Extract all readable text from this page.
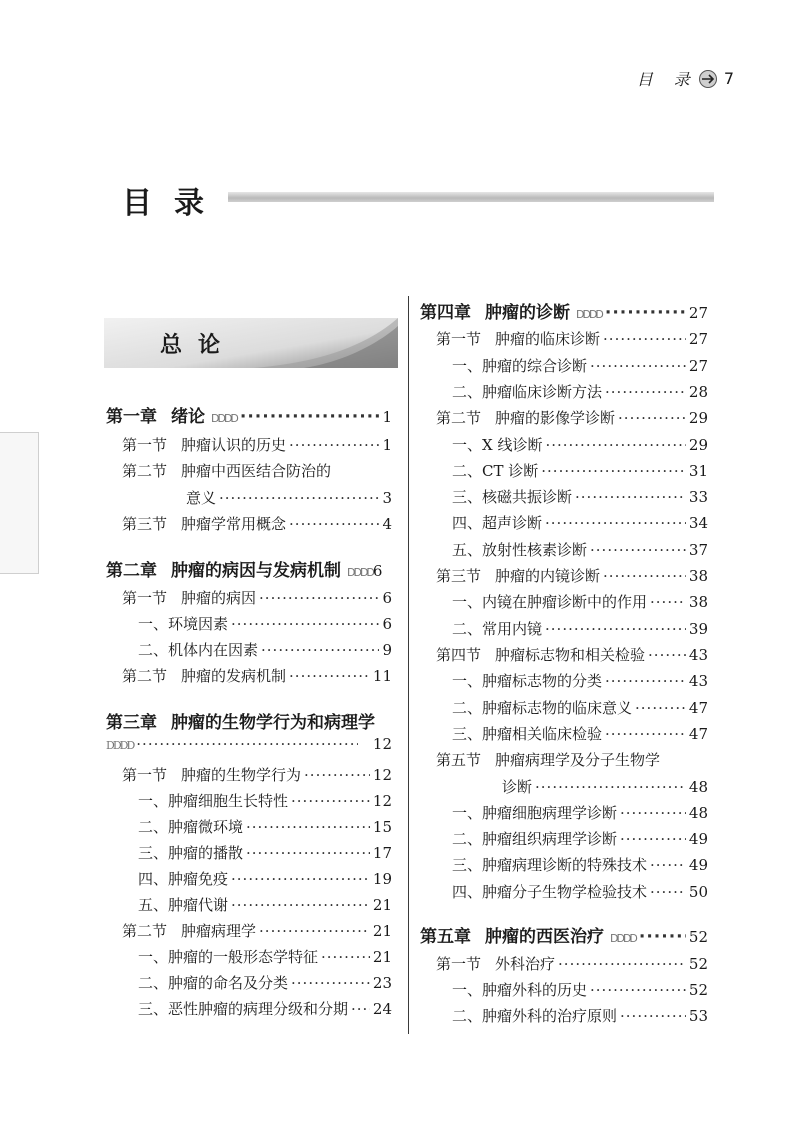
目 录 7
目录
总论
第一章 绪论 DDDD ·····	1
第一节 肿瘤认识的历史 ·····	1
第二节 肿瘤中西医结合防治的
意义 ·····	3
第三节 肿瘤学常用概念 ·····	4
第二章 肿瘤的病因与发病机制 DDDD 6
第一节 肿瘤的病因 ·····	6
一、环境因素 ·····	6
二、机体内在因素 ·····	9
第二节 肿瘤的发病机制 ·····	11
第三章 肿瘤的生物学行为和病理学
DDDD ·····	12
第一节 肿瘤的生物学行为 ·····	12
一、肿瘤细胞生长特性 ·····	12
二、肿瘤微环境 ·····	15
三、肿瘤的播散 ·····	17
四、肿瘤免疫 ·····	19
五、肿瘤代谢 ·····	21
第二节 肿瘤病理学 ·····	21
一、肿瘤的一般形态学特征 ·····	21
二、肿瘤的命名及分类 ·····	23
三、恶性肿瘤的病理分级和分期 ····· 24
第四章 肿瘤的诊断 DDDD ·····	27
第一节 肿瘤的临床诊断 ·····	27
一、肿瘤的综合诊断 ·····	27
二、肿瘤临床诊断方法 ·····	28
第二节 肿瘤的影像学诊断 ·····	29
一、X 线诊断 ·····	29
二、CT 诊断 ·····	31
三、核磁共振诊断 ·····	33
四、超声诊断 ·····	34
五、放射性核素诊断 ·····	37
第三节 肿瘤的内镜诊断 ·····	38
一、内镜在肿瘤诊断中的作用 ·····	38
二、常用内镜 ·····	39
第四节 肿瘤标志物和相关检验 ·····	43
一、肿瘤标志物的分类 ·····	43
二、肿瘤标志物的临床意义 ·····	47
三、肿瘤相关临床检验 ·····	47
第五节 肿瘤病理学及分子生物学
诊断 ·····	48
一、肿瘤细胞病理学诊断 ·····	48
二、肿瘤组织病理学诊断 ·····	49
三、肿瘤病理诊断的特殊技术 ·····	49
四、肿瘤分子生物学检验技术 ·····	50
第五章 肿瘤的西医治疗 DDDD ·····	52
第一节 外科治疗 ·····	52
一、肿瘤外科的历史 ·····	52
二、肿瘤外科的治疗原则 ·····	53
